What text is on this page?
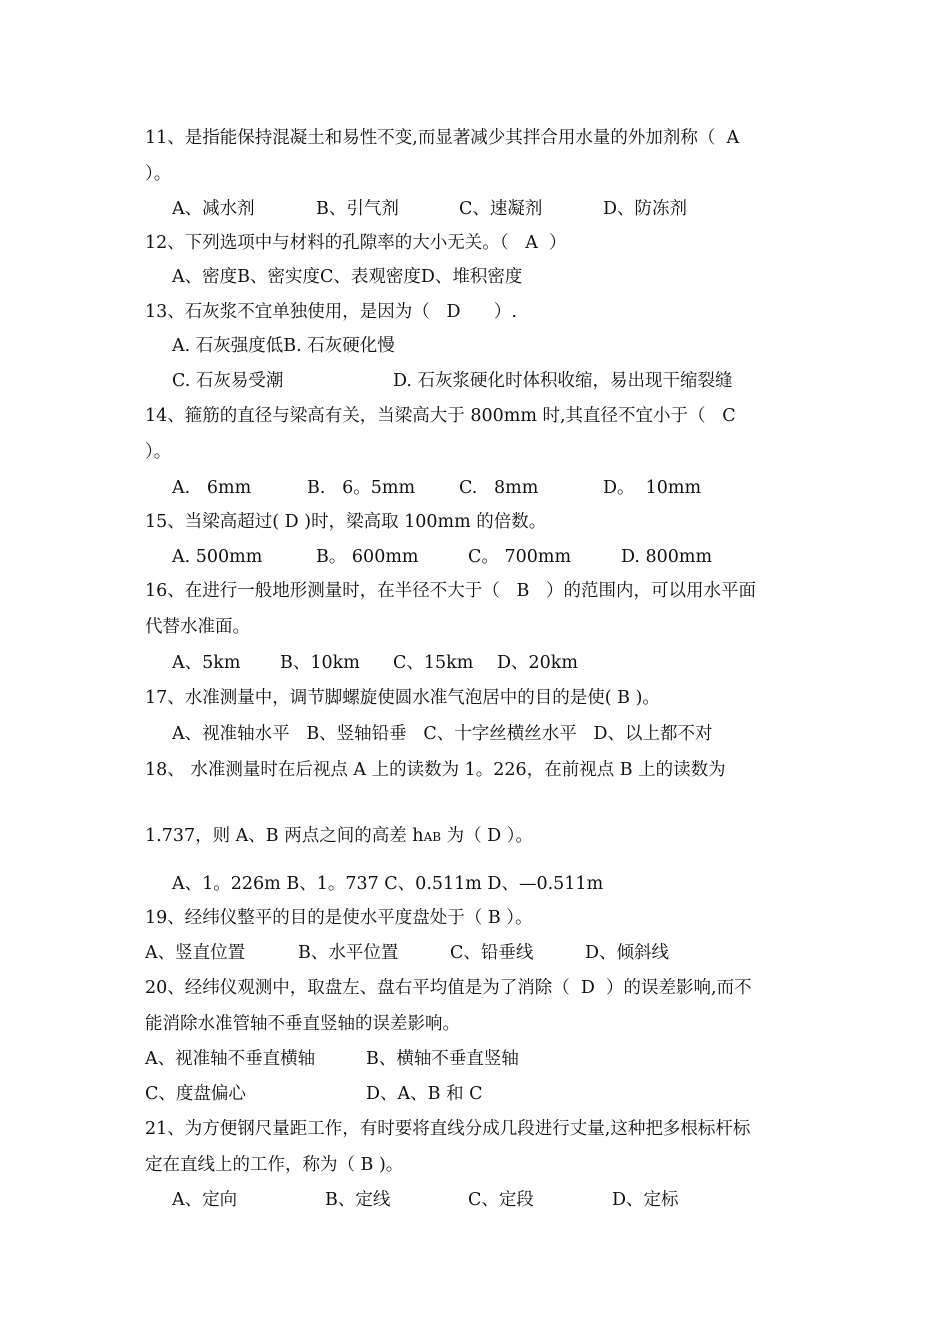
11、是指能保持混凝土和易性不变,而显著减少其拌合用水量的外加剂称（  A
）。
A、减水剂	B、引气剂	C、速凝剂	D、防冻剂
12、下列选项中与材料的孔隙率的大小无关。（   A  ）
A、密度B、密实度C、表观密度D、堆积密度
13、石灰浆不宜单独使用，是因为（   D      ）.
A. 石灰强度低B. 石灰硬化慢
C. 石灰易受潮	D. 石灰浆硬化时体积收缩，易出现干缩裂缝
14、箍筋的直径与梁高有关，当梁高大于 800mm 时,其直径不宜小于（   C
）。
A.   6mm	B.   6。5mm	C.   8mm	D。  10mm
15、当梁高超过( D )时，梁高取 100mm 的倍数。
A. 500mm	B。 600mm	C。 700mm	D. 800mm
16、在进行一般地形测量时，在半径不大于（   B   ）的范围内，可以用水平面
代替水准面。
A、5km B、10km C、15km D、20km
17、水准测量中，调节脚螺旋使圆水准气泡居中的目的是使( B )。
A、视准轴水平   B、竖轴铅垂   C、十字丝横丝水平   D、以上都不对
18、 水准测量时在后视点 A 上的读数为 1。226，在前视点 B 上的读数为
1.737，则 A、B 两点之间的高差 hAB 为（ D ）。
A、1。226m B、1。737 C、0.511m D、—0.511m
19、经纬仪整平的目的是使水平度盘处于（ B ）。
A、竖直位置	B、水平位置	C、铅垂线	D、倾斜线
20、经纬仪观测中，取盘左、盘右平均值是为了消除（  D  ）的误差影响,而不
能消除水准管轴不垂直竖轴的误差影响。
A、视准轴不垂直横轴	B、横轴不垂直竖轴
C、度盘偏心	D、A、B 和 C
21、为方便钢尺量距工作，有时要将直线分成几段进行丈量,这种把多根标杆标
定在直线上的工作，称为（ B )。
A、定向	B、定线	C、定段	D、定标
